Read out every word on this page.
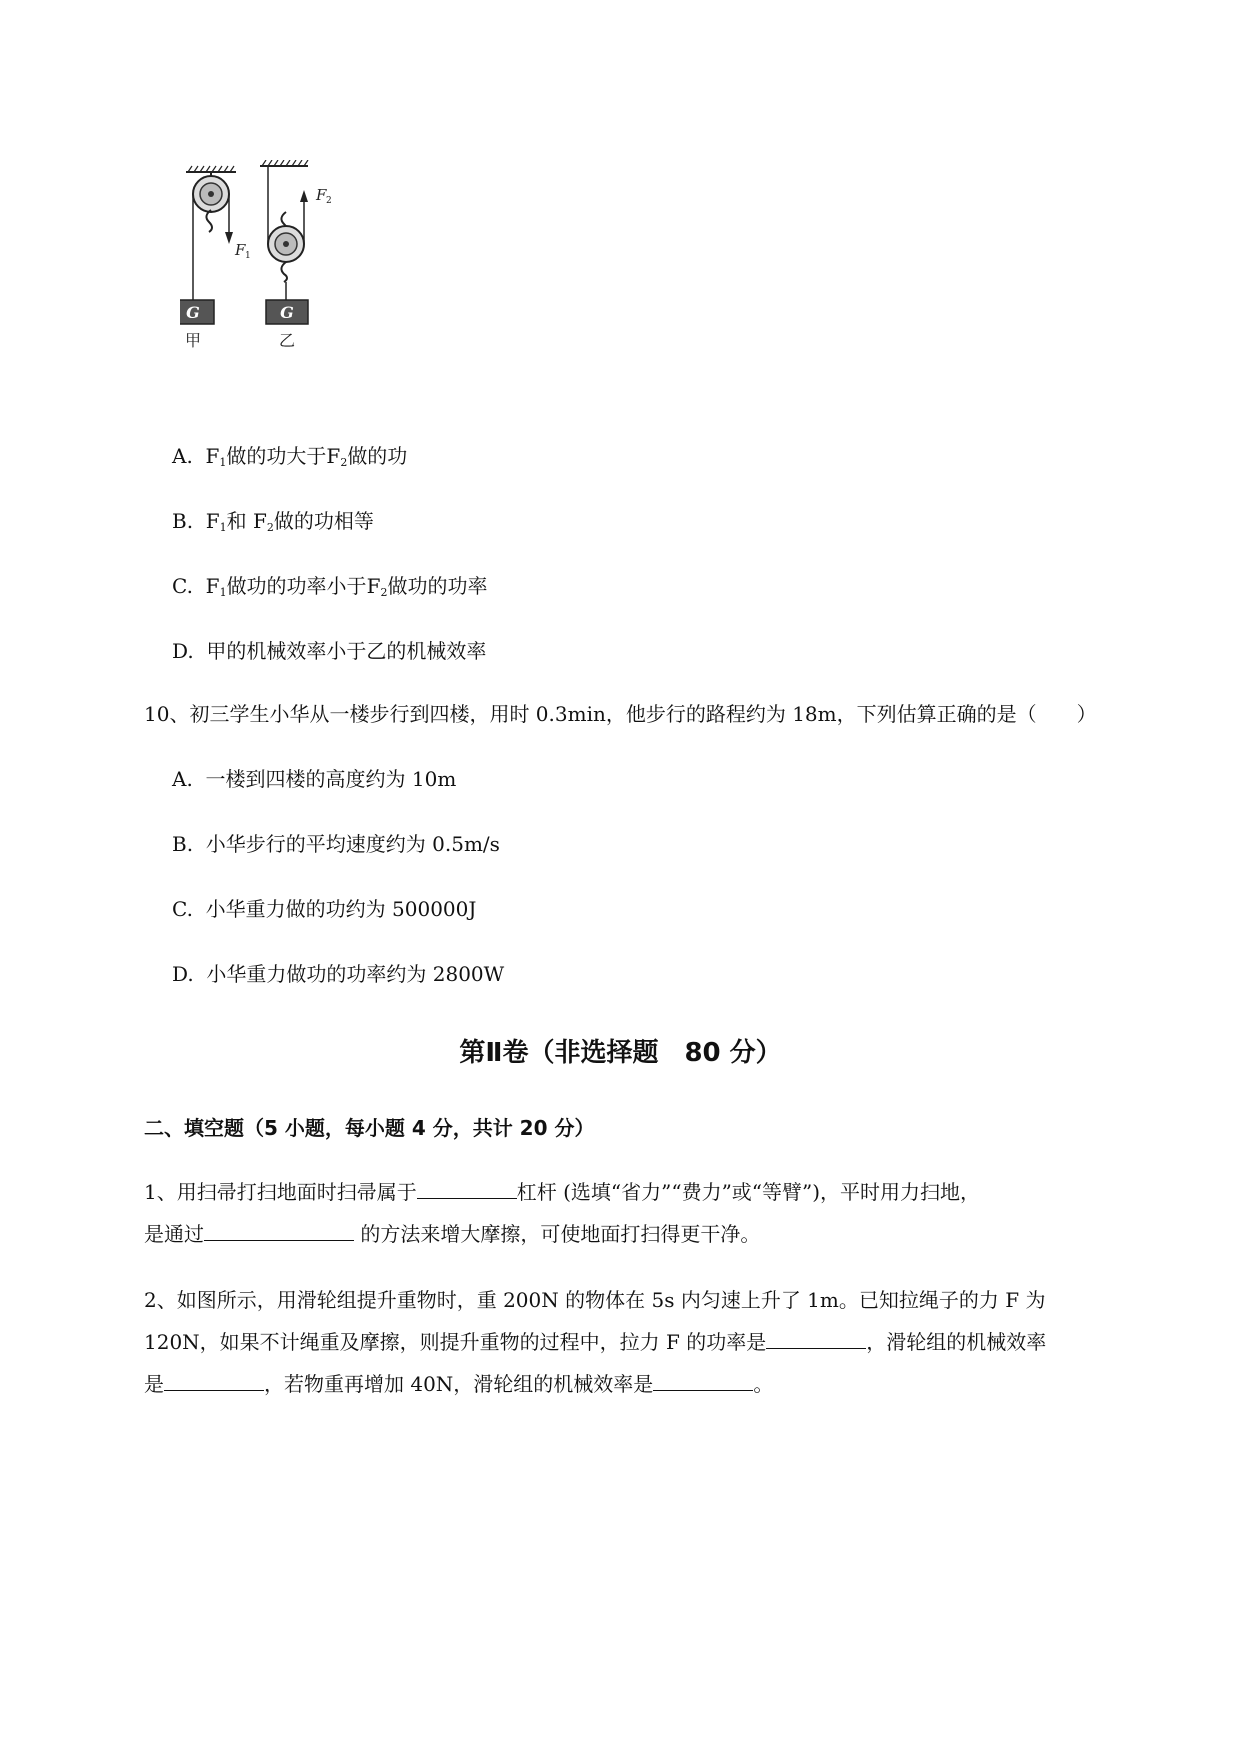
G
F 1
G
F 2
甲	乙
A. $F_1$做的功大于$F_2$做的功
B. $F_1$和 $F_2$做的功相等
C. $F_1$做功的功率小于$F_2$做功的功率
D. 甲的机械效率小于乙的机械效率
10、初三学生小华从一楼步行到四楼，用时 0.3min，他步行的路程约为 18m，下列估算正确的是（　　）
A. 一楼到四楼的高度约为 10m
B. 小华步行的平均速度约为 0.5m/s
C. 小华重力做的功约为 500000J
D. 小华重力做功的功率约为 2800W
第Ⅱ卷（非选择题　80 分）
二、填空题（5 小题，每小题 4 分，共计 20 分）
1、用扫帚打扫地面时扫帚属于	杠杆 (选填“省力”“费力”或“等臂”)，平时用力扫地，
是通过	的方法来增大摩擦，可使地面打扫得更干净。
2、如图所示，用滑轮组提升重物时，重 200N 的物体在 5s 内匀速上升了 1m。已知拉绳子的力 F 为
120N，如果不计绳重及摩擦，则提升重物的过程中，拉力 F 的功率是	，滑轮组的机械效率
是	，若物重再增加 40N，滑轮组的机械效率是	。
